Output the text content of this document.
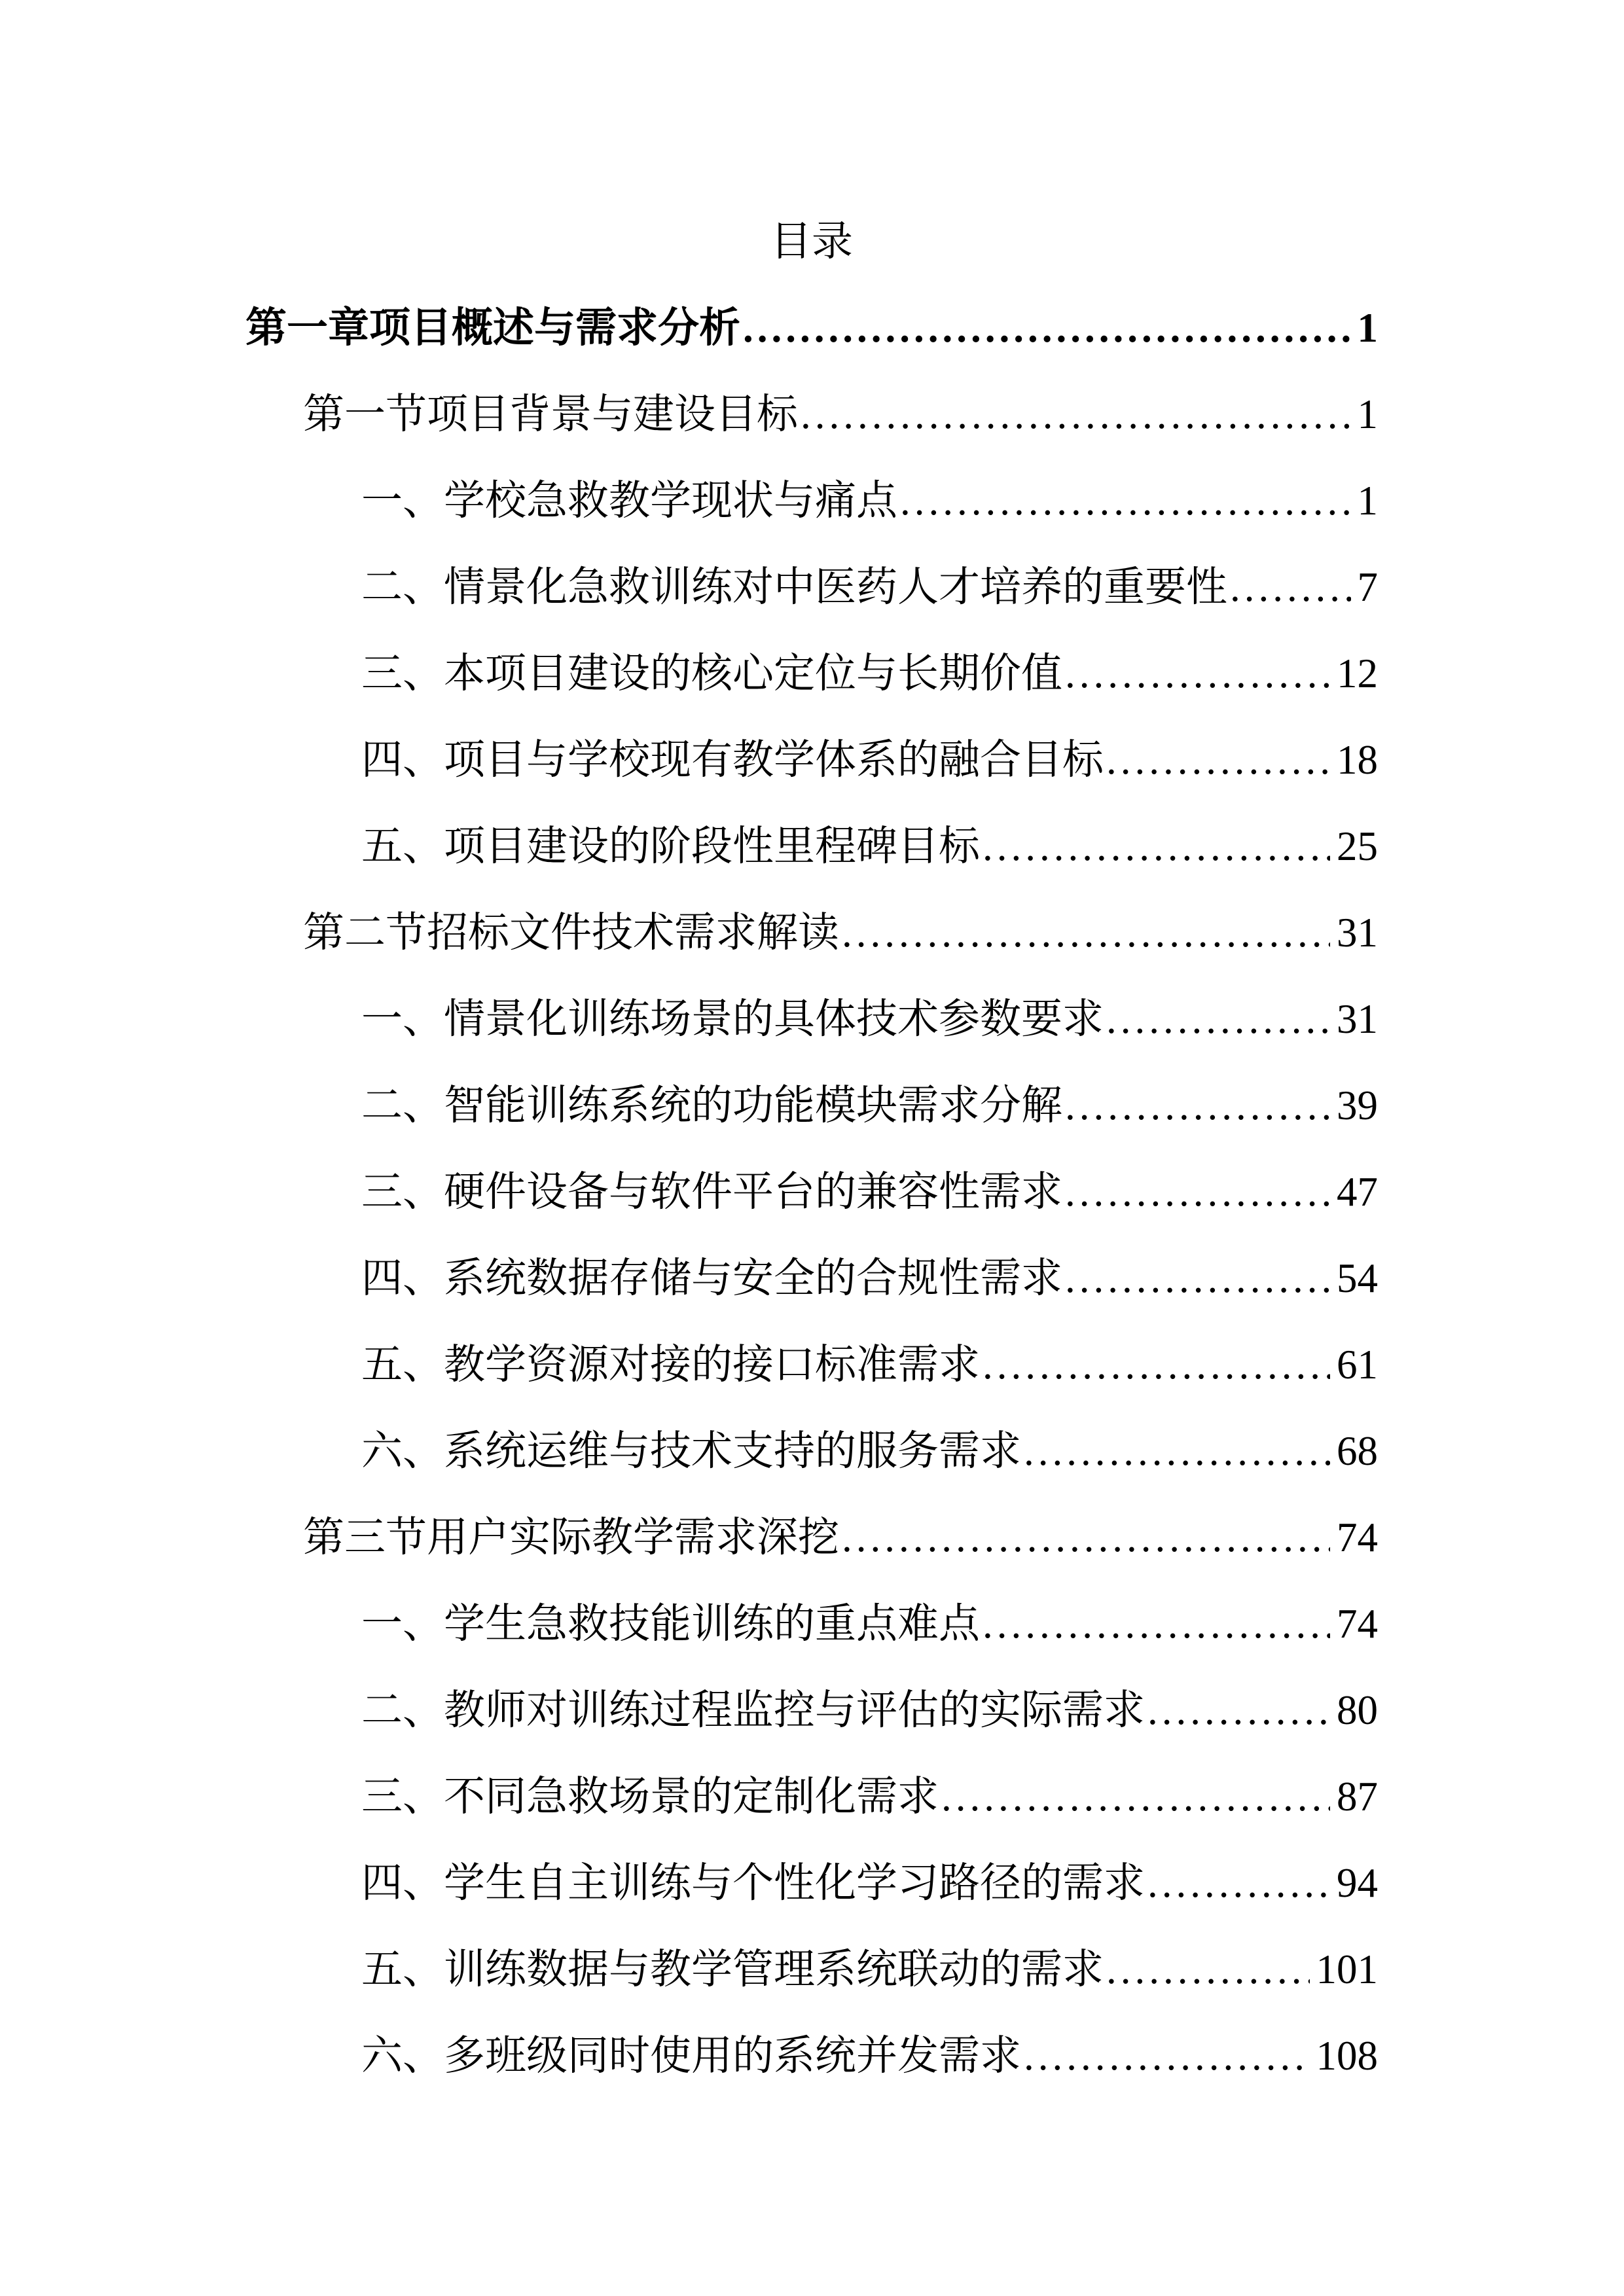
目录
第一章项目概述与需求分析 .....	1
第一节项目背景与建设目标 .....	1
一、学校急救教学现状与痛点 .....	1
二、情景化急救训练对中医药人才培养的重要性 .....	7
三、本项目建设的核心定位与长期价值 .....	12
四、项目与学校现有教学体系的融合目标 .....	18
五、项目建设的阶段性里程碑目标 .....	25
第二节招标文件技术需求解读 .....	31
一、情景化训练场景的具体技术参数要求 .....	31
二、智能训练系统的功能模块需求分解 .....	39
三、硬件设备与软件平台的兼容性需求 .....	47
四、系统数据存储与安全的合规性需求 .....	54
五、教学资源对接的接口标准需求 .....	61
六、系统运维与技术支持的服务需求 .....	68
第三节用户实际教学需求深挖 .....	74
一、学生急救技能训练的重点难点 .....	74
二、教师对训练过程监控与评估的实际需求 .....	80
三、不同急救场景的定制化需求 .....	87
四、学生自主训练与个性化学习路径的需求 .....	94
五、训练数据与教学管理系统联动的需求 .....	101
六、多班级同时使用的系统并发需求 .....	108
